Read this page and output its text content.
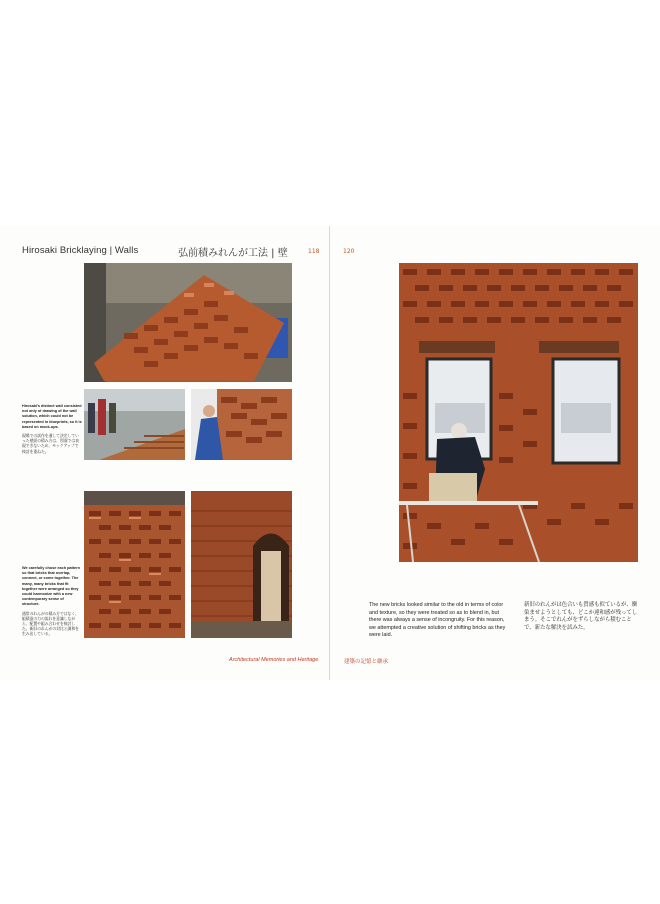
Hirosaki Bricklaying | Walls	弘前積みれんが工法 | 壁	118	120
Hirosaki's distinct wall consisted not only of drawing of the wall solution, which could not be represented in blueprints, so it is based on mock-ups.
現場での試作を通して決定していった壁面の積み方は、図面では表現できないため、モックアップで検討を重ねた。
We carefully chose each pattern so that bricks that overlap, connect, or come together. The many, many bricks that fit together were arranged so they could harmonize with a new contemporary sense of structure.
通常のれんがの積み方ではなく、組積造の力の流れを意識しながら、配置や組み合わせを検討した。新旧のれんがの対比と調和を生み出している。
The new bricks looked similar to the old in terms of color and texture, so they were treated so as to blend in, but there was always a sense of incongruity. For this reason, we attempted a creative solution of shifting bricks as they were laid.
新旧のれんがは色合いも質感も似ているが、馴染ませようとしても、どこか違和感が残ってしまう。そこでれんがをずらしながら積むことで、新たな解決を試みた。
Architectural Memories and Heritage	建築の記憶と継承
